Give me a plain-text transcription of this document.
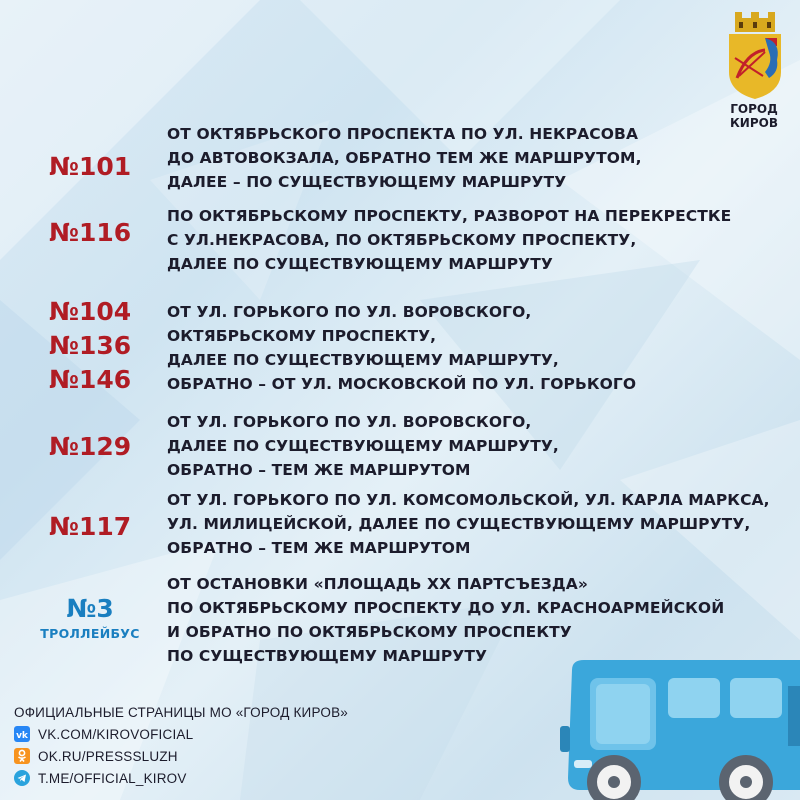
ГОРОД
КИРОВ
№101
ОТ ОКТЯБРЬСКОГО ПРОСПЕКТА ПО УЛ. НЕКРАСОВА
ДО АВТОВОКЗАЛА, ОБРАТНО ТЕМ ЖЕ МАРШРУТОМ,
ДАЛЕЕ – ПО СУЩЕСТВУЮЩЕМУ МАРШРУТУ
№116
ПО ОКТЯБРЬСКОМУ ПРОСПЕКТУ, РАЗВОРОТ НА ПЕРЕКРЕСТКЕ
С УЛ.НЕКРАСОВА, ПО ОКТЯБРЬСКОМУ ПРОСПЕКТУ,
ДАЛЕЕ ПО СУЩЕСТВУЮЩЕМУ МАРШРУТУ
№104
№136
№146
ОТ УЛ. ГОРЬКОГО ПО УЛ. ВОРОВСКОГО,
ОКТЯБРЬСКОМУ ПРОСПЕКТУ,
ДАЛЕЕ ПО СУЩЕСТВУЮЩЕМУ МАРШРУТУ,
ОБРАТНО – ОТ УЛ. МОСКОВСКОЙ ПО УЛ. ГОРЬКОГО
№129
ОТ УЛ. ГОРЬКОГО ПО УЛ. ВОРОВСКОГО,
ДАЛЕЕ ПО СУЩЕСТВУЮЩЕМУ МАРШРУТУ,
ОБРАТНО – ТЕМ ЖЕ МАРШРУТОМ
№117
ОТ УЛ. ГОРЬКОГО ПО УЛ. КОМСОМОЛЬСКОЙ, УЛ. КАРЛА МАРКСА,
УЛ. МИЛИЦЕЙСКОЙ, ДАЛЕЕ ПО СУЩЕСТВУЮЩЕМУ МАРШРУТУ,
ОБРАТНО – ТЕМ ЖЕ МАРШРУТОМ
№3
ТРОЛЛЕЙБУС
ОТ ОСТАНОВКИ «ПЛОЩАДЬ XX ПАРТСЪЕЗДА»
ПО ОКТЯБРЬСКОМУ ПРОСПЕКТУ ДО УЛ. КРАСНОАРМЕЙСКОЙ
И ОБРАТНО ПО ОКТЯБРЬСКОМУ ПРОСПЕКТУ
ПО СУЩЕСТВУЮЩЕМУ МАРШРУТУ
ОФИЦИАЛЬНЫЕ СТРАНИЦЫ МО «ГОРОД КИРОВ»
vk VK.COM/KIROVOFICIAL
OK.RU/PRESSSLUZH
T.ME/OFFICIAL_KIROV
